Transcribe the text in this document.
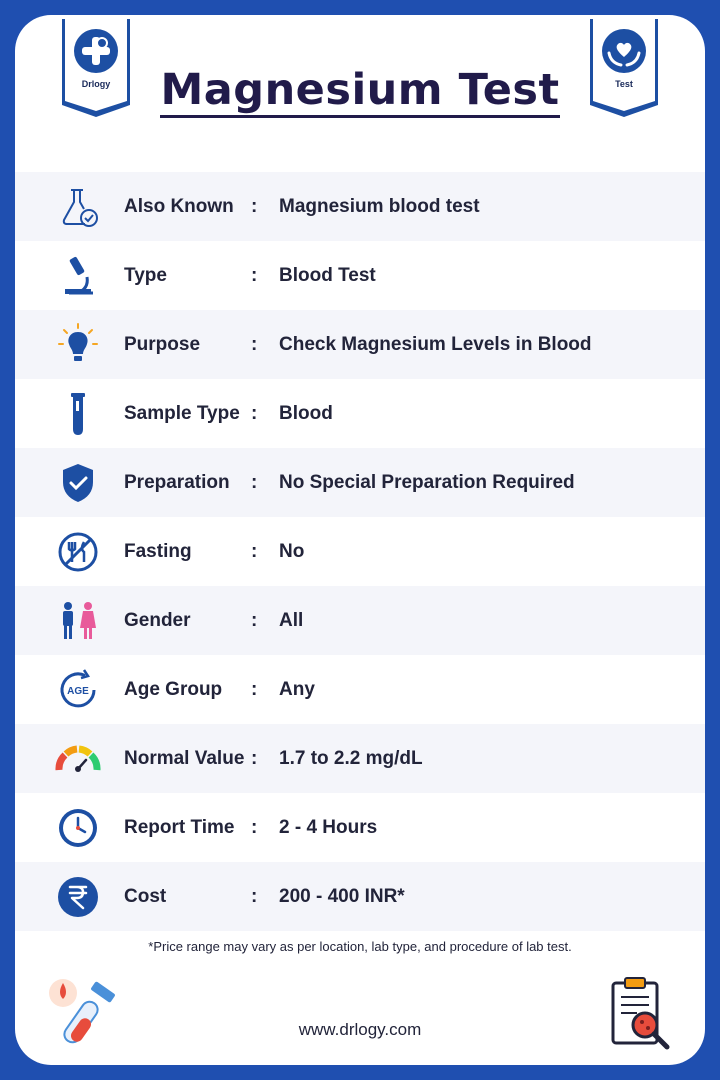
Drlogy	Test
Magnesium Test
Also Known : Magnesium blood test
Type	: Blood Test
Purpose	: Check Magnesium Levels in Blood
Sample Type : Blood
Preparation : No Special Preparation Required
Fasting	: No
Gender	: All
AGE Age Group : Any
Normal Value : 1.7 to 2.2 mg/dL
Report Time : 2 - 4 Hours
Cost	: 200 - 400 INR*
*Price range may vary as per location, lab type, and procedure of lab test.
www.drlogy.com
